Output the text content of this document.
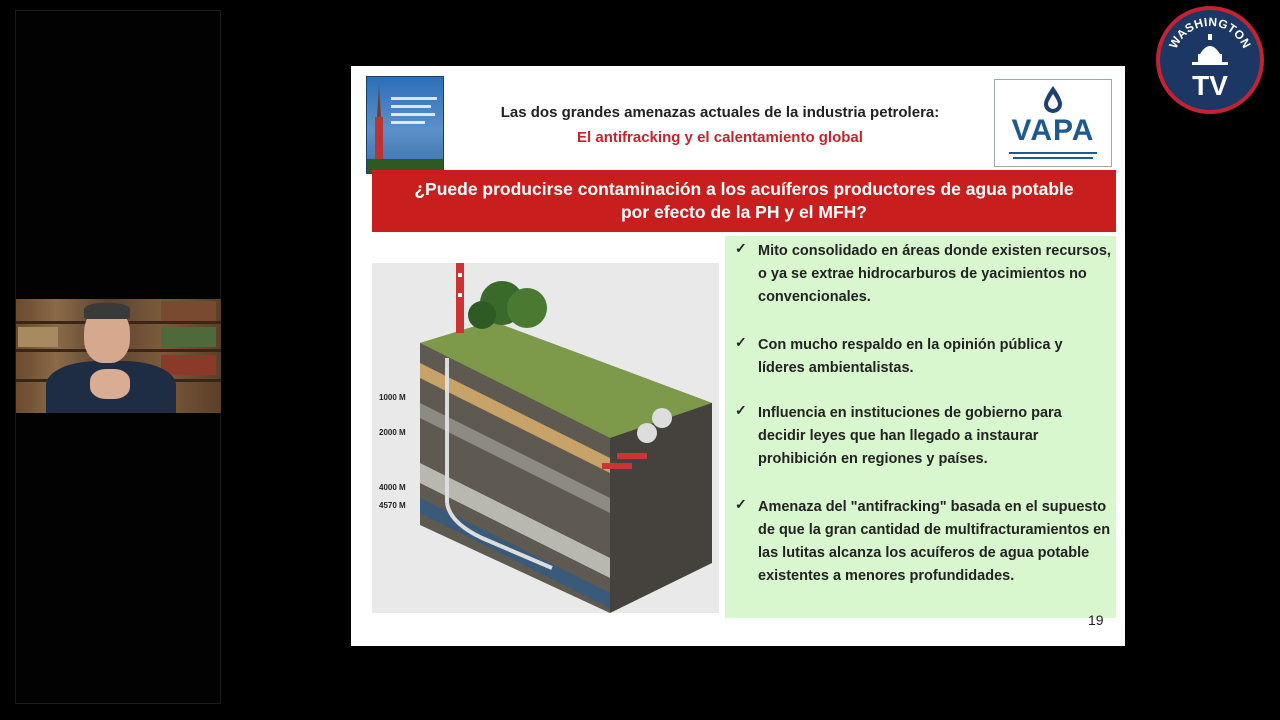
WASHINGTON
TV
Las dos grandes amenazas actuales de la industria petrolera:
El antifracking y el calentamiento global	VAPA
¿Puede producirse contaminación a los acuíferos productores de agua potable
por efecto de la PH y el MFH?
1000 M
2000 M
4000 M
4570 M
✓ Mito consolidado en áreas donde existen recursos, o ya se extrae hidrocarburos de yacimientos no convencionales.
✓ Con mucho respaldo en la opinión pública y líderes ambientalistas.
✓ Influencia en instituciones de gobierno para decidir leyes que han llegado a instaurar prohibición en regiones y países.
✓ Amenaza del "antifracking" basada en el supuesto de que la gran cantidad de multifracturamientos en las lutitas alcanza los acuíferos de agua potable existentes a menores profundidades.
19
